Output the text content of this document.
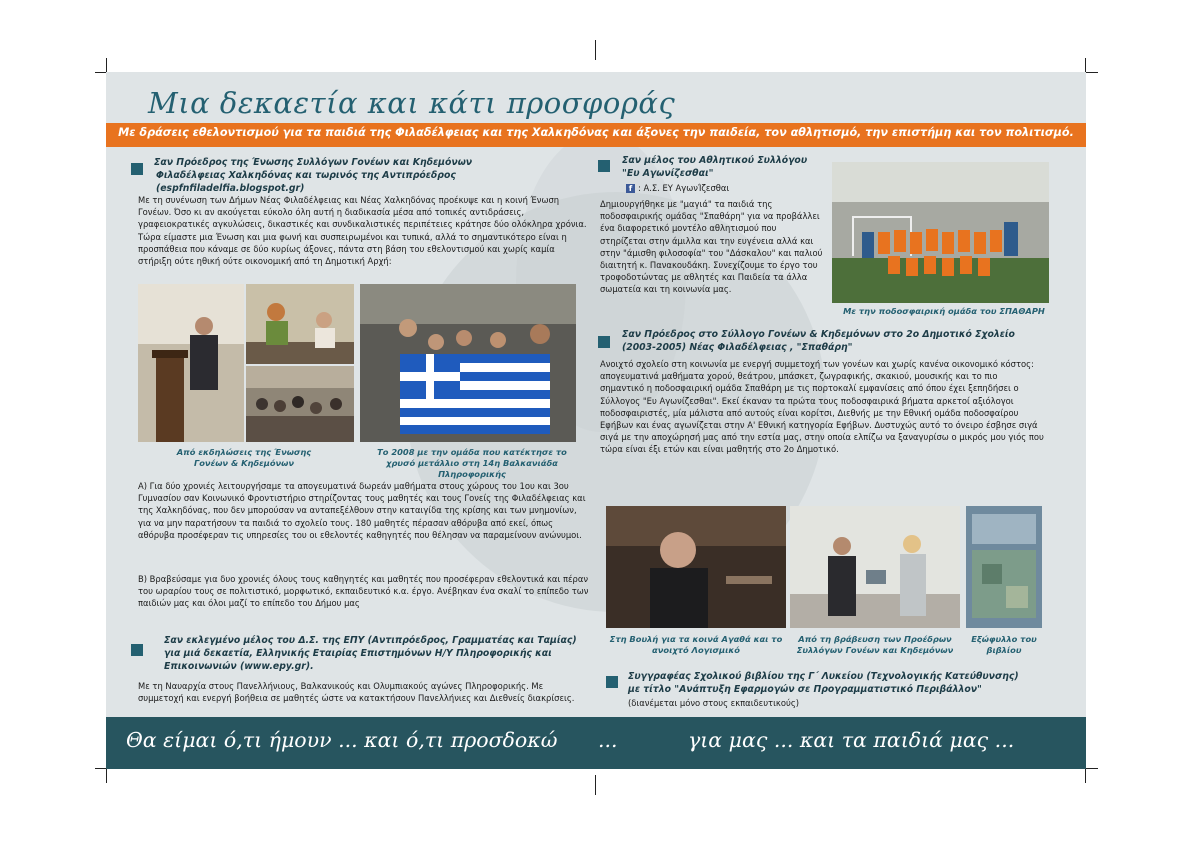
Μια δεκαετία και κάτι προσφοράς
Με δράσεις εθελοντισμού για τα παιδιά της Φιλαδέλφειας και της Χαλκηδόνας και άξονες την παιδεία, τον αθλητισμό, την επιστήμη και τον πολιτισμό.
Σαν Πρόεδρος της Ένωσης Συλλόγων Γονέων και Κηδεμόνων
Φιλαδέλφειας Χαλκηδόνας και τωρινός της Αντιπρόεδρος (espfnfiladelfia.blogspot.gr)
Με τη συνένωση των Δήμων Νέας Φιλαδέλφειας και Νέας Χαλκηδόνας προέκυψε και η κοινή Ένωση Γονέων. Όσο κι αν ακούγεται εύκολο όλη αυτή η διαδικασία μέσα από τοπικές αντιδράσεις, γραφειοκρατικές αγκυλώσεις, δικαστικές και συνδικαλιστικές περιπέτειες κράτησε δύο ολόκληρα χρόνια. Τώρα είμαστε μια Ένωση και μια φωνή και συσπειρωμένοι και τυπικά, αλλά το σημαντικότερο είναι η προσπάθεια που κάναμε σε δύο κυρίως άξονες, πάντα στη βάση του εθελοντισμού και χωρίς καμία στήριξη ούτε ηθική ούτε οικονομική από τη Δημοτική Αρχή:
Από εκδηλώσεις της Ένωσης Γονέων & Κηδεμόνων
Το 2008 με την ομάδα που κατέκτησε το χρυσό μετάλλιο στη 14η Βαλκανιάδα Πληροφορικής
Α) Για δύο χρονιές λειτουργήσαμε τα απογευματινά δωρεάν μαθήματα στους χώρους του 1ου και 3ου Γυμνασίου σαν Κοινωνικό Φροντιστήριο στηρίζοντας τους μαθητές και τους Γονείς της Φιλαδέλφειας και της Χαλκηδόνας, που δεν μπορούσαν να ανταπεξέλθουν στην καταιγίδα της κρίσης και των μνημονίων, για να μην παρατήσουν τα παιδιά το σχολείο τους. 180 μαθητές πέρασαν αθόρυβα από εκεί, όπως αθόρυβα προσέφεραν τις υπηρεσίες του οι εθελοντές καθηγητές που θέλησαν να παραμείνουν ανώνυμοι.
Β) Βραβεύσαμε για δυο χρονιές όλους τους καθηγητές και μαθητές που προσέφεραν εθελοντικά και πέραν του ωραρίου τους σε πολιτιστικό, μορφωτικό, εκπαιδευτικό κ.α. έργο. Ανέβηκαν ένα σκαλί το επίπεδο των παιδιών μας και όλοι μαζί το επίπεδο του Δήμου μας
Σαν εκλεγμένο μέλος του Δ.Σ. της ΕΠΥ (Αντιπρόεδρος, Γραμματέας και Ταμίας) για μιά δεκαετία, Ελληνικής Εταιρίας Επιστημόνων Η/Υ Πληροφορικής και Επικοινωνιών (www.epy.gr).
Με τη Ναυαρχία στους Πανελλήνιους, Βαλκανικούς και Ολυμπιακούς αγώνες Πληροφορικής. Με συμμετοχή και ενεργή βοήθεια σε μαθητές ώστε να κατακτήσουν Πανελλήνιες και Διεθνείς διακρίσεις.
Σαν μέλος του Αθλητικού Συλλόγου
"Ευ Αγωνίζεσθαι"
f : Α.Σ. ΕΥ ΑγωνΊζεσθαι
Δημιουργήθηκε με "μαγιά" τα παιδιά της ποδοσφαιρικής ομάδας "Σπαθάρη" για να προβάλλει ένα διαφορετικό μοντέλο αθλητισμού που στηρίζεται στην άμιλλα και την ευγένεια αλλά και στην "άμισθη φιλοσοφία" του "Δάσκαλου" και παλιού διαιτητή κ. Πανακουδάκη. Συνεχίζουμε το έργο του τροφοδοτώντας με αθλητές και Παιδεία τα άλλα σωματεία και τη κοινωνία μας.
Με την ποδοσφαιρική ομάδα του ΣΠΑΘΑΡΗ
Σαν Πρόεδρος στο Σύλλογο Γονέων & Κηδεμόνων στο 2ο Δημοτικό Σχολείο (2003-2005) Νέας Φιλαδέλφειας , "Σπαθάρη"
Ανοιχτό σχολείο στη κοινωνία με ενεργή συμμετοχή των γονέων και χωρίς κανένα οικονομικό κόστος: απογευματινά μαθήματα χορού, θεάτρου, μπάσκετ, ζωγραφικής, σκακιού, μουσικής και το πιο σημαντικό η ποδοσφαιρική ομάδα Σπαθάρη με τις πορτοκαλί εμφανίσεις από όπου έχει ξεπηδήσει ο Σύλλογος "Ευ Αγωνίζεσθαι". Εκεί έκαναν τα πρώτα τους ποδοσφαιρικά βήματα αρκετοί αξιόλογοι ποδοσφαιριστές, μία μάλιστα από αυτούς είναι κορίτσι, Διεθνής με την Εθνική ομάδα ποδοσφαίρου Εφήβων και ένας αγωνίζεται στην Α' Εθνική κατηγορία Εφήβων. Δυστυχώς αυτό το όνειρο έσβησε σιγά σιγά με την αποχώρησή μας από την εστία μας, στην οποία ελπίζω να ξαναγυρίσω ο μικρός μου γιός που τώρα είναι έξι ετών και είναι μαθητής στο 2ο Δημοτικό.
Στη Βουλή για τα κοινά Αγαθά και το ανοιχτό Λογισμικό
Από τη βράβευση των Προέδρων Συλλόγων Γονέων και Κηδεμόνων
Εξώφυλλο του βιβλίου
Συγγραφέας Σχολικού βιβλίου της Γ΄ Λυκείου (Τεχνολογικής Κατεύθυνσης)
με τίτλο "Ανάπτυξη Εφαρμογών σε Προγραμματιστικό Περιβάλλον"
(διανέμεται μόνο στους εκπαιδευτικούς)
Θα είμαι ό,τι ήμουν ... και ό,τι προσδοκώ ...	για μας ... και τα παιδιά μας ...
